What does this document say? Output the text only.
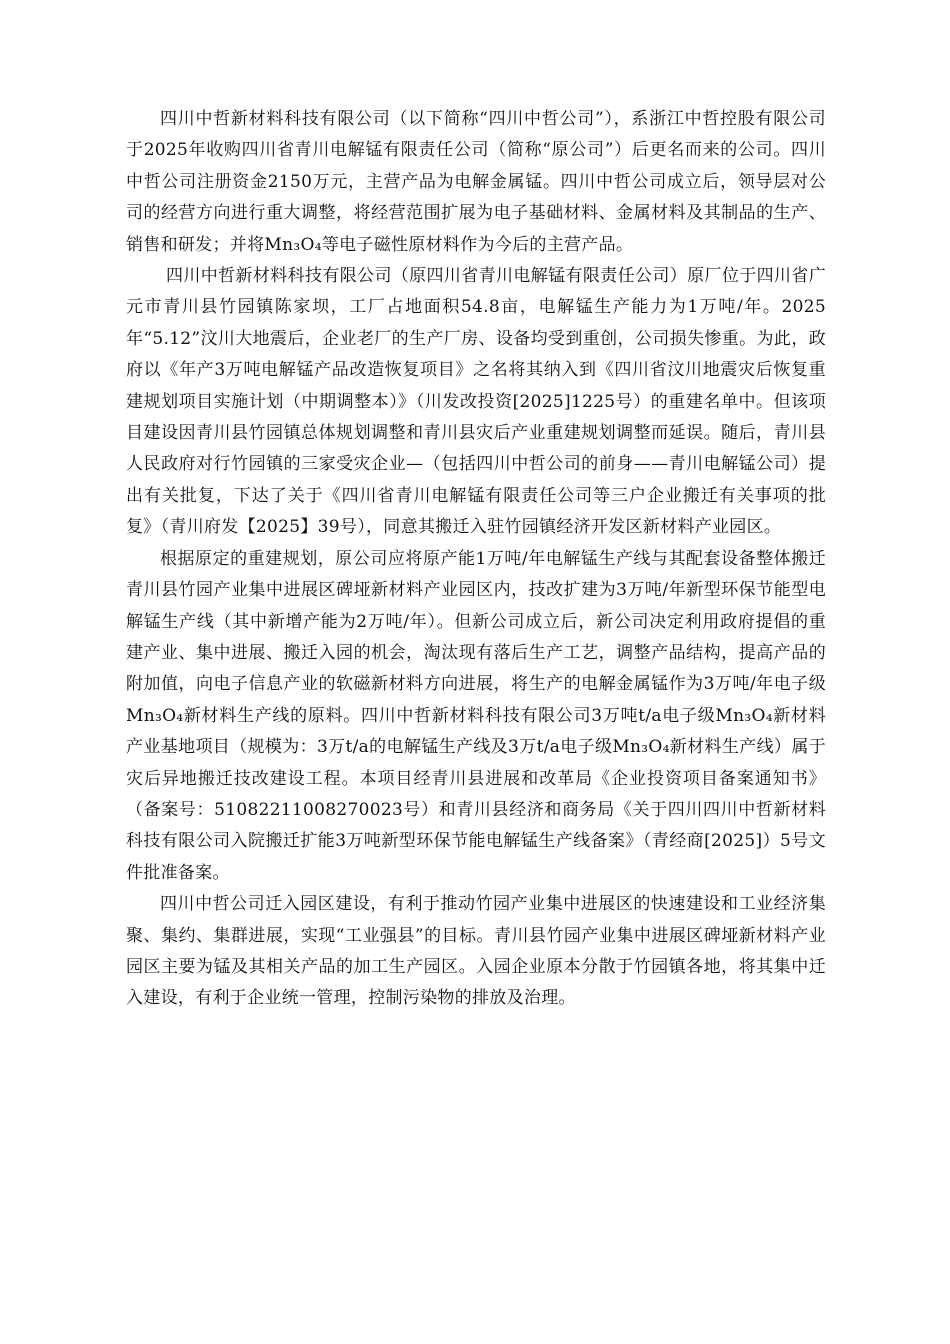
四川中哲新材料科技有限公司（以下简称“四川中哲公司”），系浙江中哲控股有限公司于2025年收购四川省青川电解锰有限责任公司（简称“原公司”）后更名而来的公司。四川中哲公司注册资金2150万元，主营产品为电解金属锰。四川中哲公司成立后，领导层对公司的经营方向进行重大调整，将经营范围扩展为电子基础材料、金属材料及其制品的生产、销售和研发；并将Mn₃O₄等电子磁性原材料作为今后的主营产品。

四川中哲新材料科技有限公司（原四川省青川电解锰有限责任公司）原厂位于四川省广元市青川县竹园镇陈家坝，工厂占地面积54.8亩，电解锰生产能力为1万吨/年。2025年“5.12”汶川大地震后，企业老厂的生产厂房、设备均受到重创，公司损失惨重。为此，政府以《年产3万吨电解锰产品改造恢复项目》之名将其纳入到《四川省汶川地震灾后恢复重建规划项目实施计划（中期调整本）》（川发改投资[2025]1225号）的重建名单中。但该项目建设因青川县竹园镇总体规划调整和青川县灾后产业重建规划调整而延误。随后，青川县人民政府对行竹园镇的三家受灾企业—（包括四川中哲公司的前身——青川电解锰公司）提出有关批复，下达了关于《四川省青川电解锰有限责任公司等三户企业搬迁有关事项的批复》（青川府发【2025】39号），同意其搬迁入驻竹园镇经济开发区新材料产业园区。

根据原定的重建规划，原公司应将原产能1万吨/年电解锰生产线与其配套设备整体搬迁青川县竹园产业集中进展区碑垭新材料产业园区内，技改扩建为3万吨/年新型环保节能型电解锰生产线（其中新增产能为2万吨/年）。但新公司成立后，新公司决定利用政府提倡的重建产业、集中进展、搬迁入园的机会，淘汰现有落后生产工艺，调整产品结构，提高产品的附加值，向电子信息产业的软磁新材料方向进展，将生产的电解金属锰作为3万吨/年电子级Mn₃O₄新材料生产线的原料。四川中哲新材料科技有限公司3万吨t/a电子级Mn₃O₄新材料产业基地项目（规模为：3万t/a的电解锰生产线及3万t/a电子级Mn₃O₄新材料生产线）属于灾后异地搬迁技改建设工程。本项目经青川县进展和改革局《企业投资项目备案通知书》（备案号：51082211008270023号）和青川县经济和商务局《关于四川四川中哲新材料科技有限公司入院搬迁扩能3万吨新型环保节能电解锰生产线备案》（青经商[2025]）5号文件批准备案。

四川中哲公司迁入园区建设，有利于推动竹园产业集中进展区的快速建设和工业经济集聚、集约、集群进展，实现“工业强县”的目标。青川县竹园产业集中进展区碑垭新材料产业园区主要为锰及其相关产品的加工生产园区。入园企业原本分散于竹园镇各地，将其集中迁入建设，有利于企业统一管理，控制污染物的排放及治理。
